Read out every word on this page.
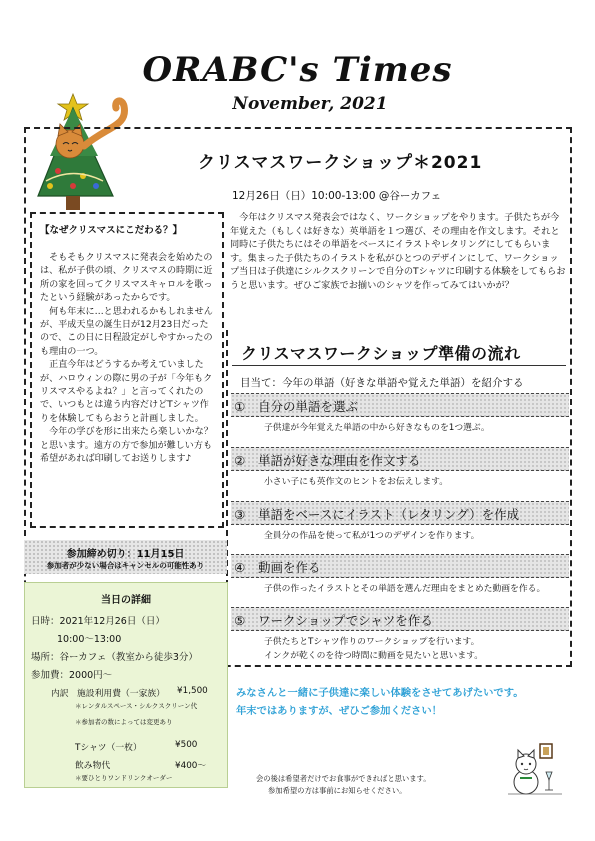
ORABC's Times
November, 2021
クリスマスワークショップ＊2021
12月26日（日）10:00-13:00 @谷ーカフェ
今年はクリスマス発表会ではなく、ワークショップをやります。子供たちが今年覚えた（もしくは好きな）英単語を１つ選び、その理由を作文します。それと同時に子供たちにはその単語をベースにイラストやレタリングにしてもらいます。集まった子供たちのイラストを私がひとつのデザインにして、ワークショップ当日は子供達にシルクスクリーンで自分のTシャツに印刷する体験をしてもらおうと思います。ぜひご家族でお揃いのシャツを作ってみてはいかが？
【なぜクリスマスにこだわる？】

そもそもクリスマスに発表会を始めたのは、私が子供の頃、クリスマスの時期に近所の家を回ってクリスマスキャロルを歌ったという経験があったからです。

何も年末に…と思われるかもしれませんが、平成天皇の誕生日が12月23日だったので、この日に日程設定がしやすかったのも理由の一つ。

正直今年はどうするか考えていましたが、ハロウィンの際に男の子が「今年もクリスマスやるよね？」と言ってくれたので、いつもとは違う内容だけどTシャツ作りを体験してもらおうと計画しました。

今年の学びを形に出来たら楽しいかな？と思います。遠方の方で参加が難しい方も希望があれば印刷してお送りします♪

参加締め切り：11月15日
参加者が少ない場合はキャンセルの可能性あり
当日の詳細
日時：2021年12月26日（日）
10:00〜13:00
場所：谷ーカフェ（教室から徒歩3分）
参加費：2000円〜
内訳 施設利用費（一家族） ¥1,500
＊レンタルスペース・シルクスクリーン代
＊参加者の数によっては変更あり
Tシャツ（一枚）	¥500
飲み物代	¥400〜
＊要ひとりワンドリンクオーダー
クリスマスワークショップ準備の流れ
目当て：今年の単語（好きな単語や覚えた単語）を紹介する
① 自分の単語を選ぶ
子供達が今年覚えた単語の中から好きなものを1つ選ぶ。
② 単語が好きな理由を作文する
小さい子にも英作文のヒントをお伝えします。
③ 単語をベースにイラスト（レタリング）を作成
全員分の作品を使って私が1つのデザインを作ります。
④ 動画を作る
子供の作ったイラストとその単語を選んだ理由をまとめた動画を作る。
⑤ ワークショップでシャツを作る
子供たちとTシャツ作りのワークショップを行います。
インクが乾くのを待つ時間に動画を見たいと思います。
みなさんと一緒に子供達に楽しい体験をさせてあげたいです。
年末ではありますが、ぜひご参加ください！
会の後は希望者だけでお食事ができればと思います。
参加希望の方は事前にお知らせください。
